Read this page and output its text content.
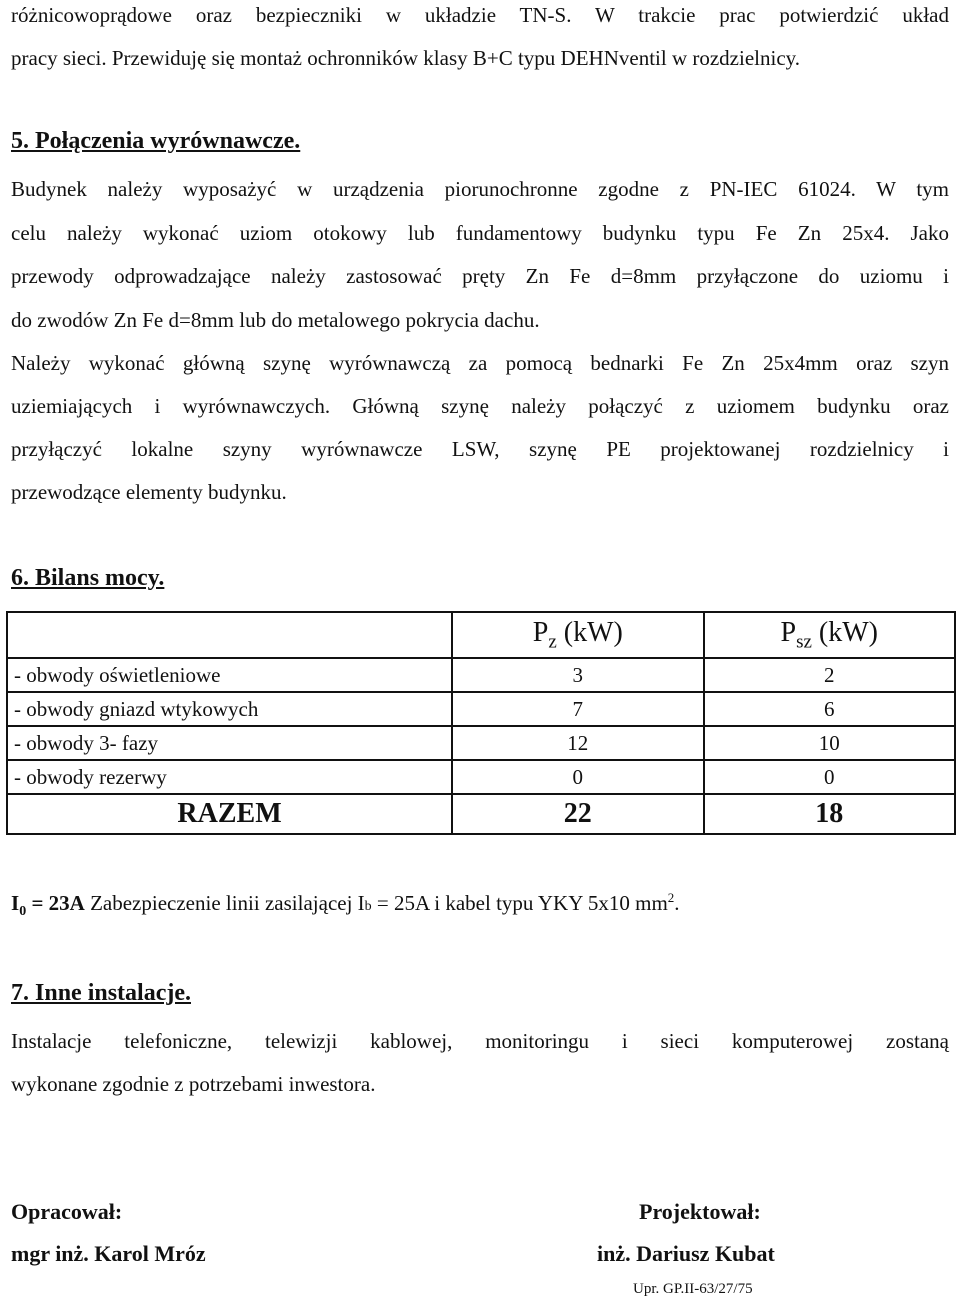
różnicowoprądowe oraz bezpieczniki w układzie TN-S. W trakcie prac potwierdzić układ
pracy sieci. Przewiduję się montaż ochronników klasy B+C typu DEHNventil w rozdzielnicy.
5. Połączenia wyrównawcze.
Budynek należy wyposażyć w urządzenia piorunochronne zgodne z PN-IEC 61024. W tym
celu należy wykonać uziom otokowy lub fundamentowy budynku typu Fe Zn 25x4. Jako
przewody odprowadzające należy zastosować pręty Zn Fe d=8mm przyłączone do uziomu i
do zwodów Zn Fe d=8mm lub do metalowego pokrycia dachu.
Należy wykonać główną szynę wyrównawczą za pomocą bednarki Fe Zn 25x4mm oraz szyn
uziemiających i wyrównawczych. Główną szynę należy połączyć z uziomem budynku oraz
przyłączyć lokalne szyny wyrównawcze LSW, szynę PE projektowanej rozdzielnicy i
przewodzące elementy budynku.
6. Bilans mocy.
	$P_z$ (kW)	$P_{sz}$ (kW)
- obwody oświetleniowe	3	2
- obwody gniazd wtykowych	7	6
- obwody 3- fazy	12	10
- obwody rezerwy	0	0
RAZEM	22	18
$I_0 = 23A$ Zabezpieczenie linii zasilającej Ib = 25A i kabel typu YKY 5x10 $mm^2$.
7. Inne instalacje.
Instalacje telefoniczne, telewizji kablowej, monitoringu i sieci komputerowej zostaną
wykonane zgodnie z potrzebami inwestora.
Opracował:
mgr inż. Karol Mróz
Projektował:
inż. Dariusz Kubat
Upr. GP.II-63/27/75
